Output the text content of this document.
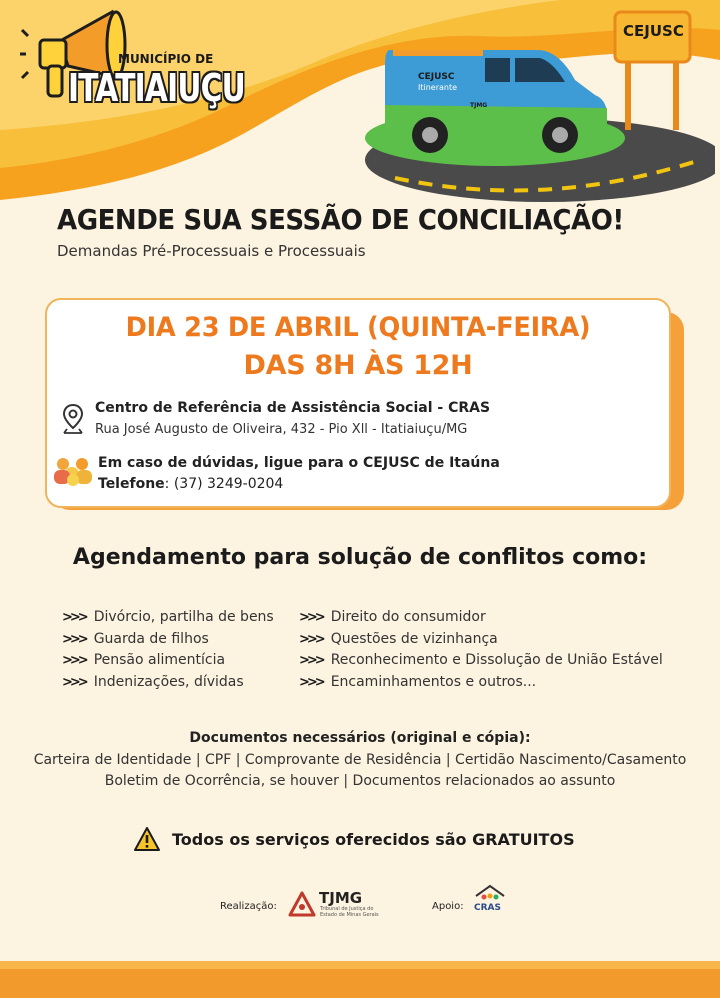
MUNICÍPIO DE
ITATIAIUÇU
CEJUSC
CEJUSC
Itinerante
TJMG
AGENDE SUA SESSÃO DE CONCILIAÇÃO!
Demandas Pré-Processuais e Processuais
DIA 23 DE ABRIL (QUINTA-FEIRA)
DAS 8H ÀS 12H
Centro de Referência de Assistência Social - CRAS
Rua José Augusto de Oliveira, 432 - Pio Xll - Itatiaiuçu/MG
Em caso de dúvidas, ligue para o CEJUSC de Itaúna
Telefone: (37) 3249-0204
Agendamento para solução de conflitos como:
>>> Divórcio, partilha de bens
>>> Guarda de filhos
>>> Pensão alimentícia
>>> Indenizações, dívidas
>>> Direito do consumidor
>>> Questões de vizinhança
>>> Reconhecimento e Dissolução de União Estável
>>> Encaminhamentos e outros...
Documentos necessários (original e cópia):
Carteira de Identidade | CPF | Comprovante de Residência | Certidão Nascimento/Casamento
Boletim de Ocorrência, se houver | Documentos relacionados ao assunto
Todos os serviços oferecidos são GRATUITOS
Realização:	TJMG
Tribunal de Justiça do Estado de Minas Gerais
Apoio: CRAS
